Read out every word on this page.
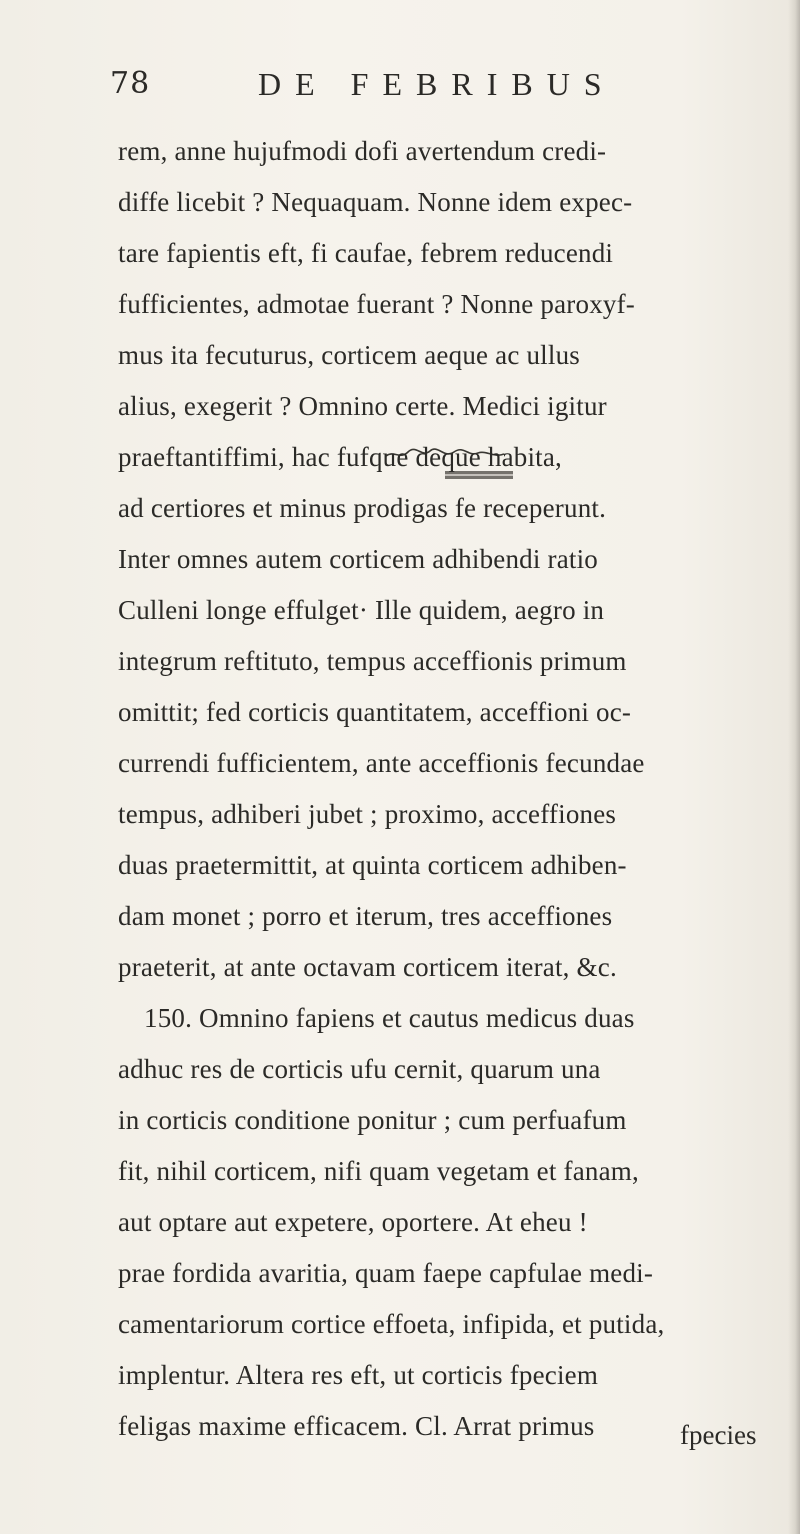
78	DE FEBRIBUS
rem, anne hujufmodi dofi avertendum credi-
diffe licebit ? Nequaquam. Nonne idem expec-
tare fapientis eft, fi caufae, febrem reducendi
fufficientes, admotae fuerant ? Nonne paroxyf-
mus ita fecuturus, corticem aeque ac ullus
alius, exegerit ? Omnino certe. Medici igitur
praeftantiffimi, hac fufque deque habita,
ad certiores et minus prodigas fe receperunt.
Inter omnes autem corticem adhibendi ratio
Culleni longe effulget· Ille quidem, aegro in
integrum reftituto, tempus acceffionis primum
omittit; fed corticis quantitatem, acceffioni oc-
currendi fufficientem, ante acceffionis fecundae
tempus, adhiberi jubet ; proximo, acceffiones
duas praetermittit, at quinta corticem adhiben-
dam monet ; porro et iterum, tres acceffiones
praeterit, at ante octavam corticem iterat, &c.
150. Omnino fapiens et cautus medicus duas
adhuc res de corticis ufu cernit, quarum una
in corticis conditione ponitur ; cum perfuafum
fit, nihil corticem, nifi quam vegetam et fanam,
aut optare aut expetere, oportere. At eheu !
prae fordida avaritia, quam faepe capfulae medi-
camentariorum cortice effoeta, infipida, et putida,
implentur. Altera res eft, ut corticis fpeciem
feligas maxime efficacem. Cl. Arrat primus	fpecies
